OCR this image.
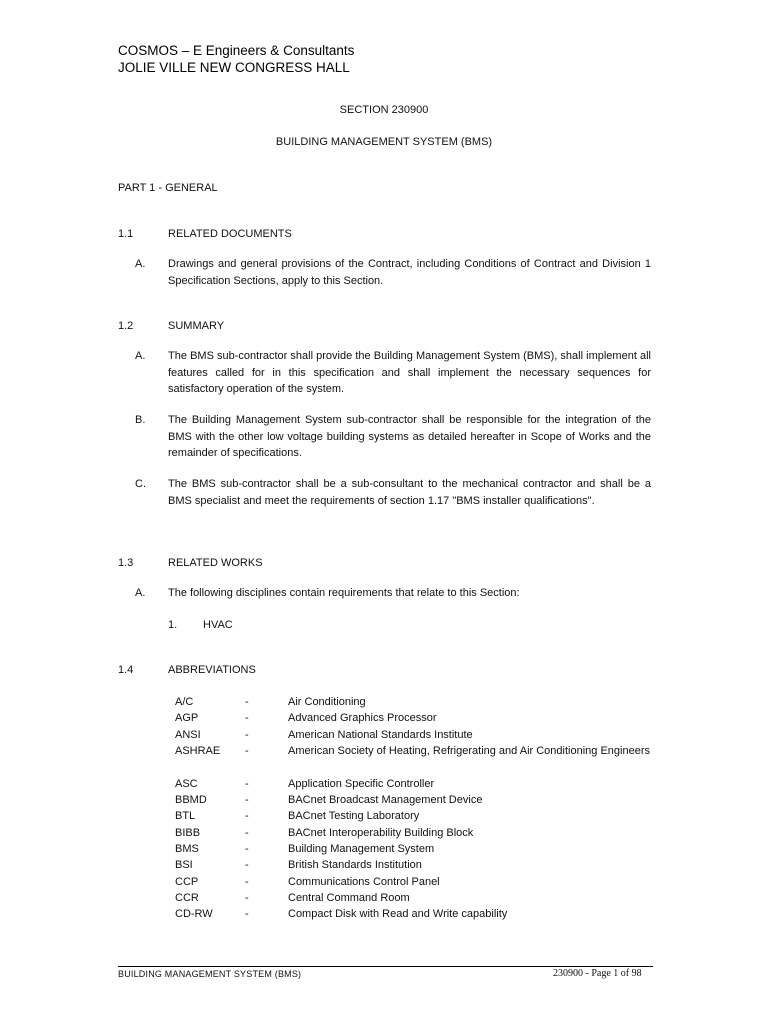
COSMOS – E Engineers & Consultants
JOLIE VILLE NEW CONGRESS HALL
SECTION 230900
BUILDING MANAGEMENT SYSTEM (BMS)
PART 1 - GENERAL
1.1	RELATED DOCUMENTS
A. Drawings and general provisions of the Contract, including Conditions of Contract and Division 1 Specification Sections, apply to this Section.
1.2	SUMMARY
A. The BMS sub-contractor shall provide the Building Management System (BMS), shall implement all features called for in this specification and shall implement the necessary sequences for satisfactory operation of the system.
B. The Building Management System sub-contractor shall be responsible for the integration of the BMS with the other low voltage building systems as detailed hereafter in Scope of Works and the remainder of specifications.
C. The BMS sub-contractor shall be a sub-consultant to the mechanical contractor and shall be a BMS specialist and meet the requirements of section 1.17 "BMS installer qualifications".
1.3	RELATED WORKS
A. The following disciplines contain requirements that relate to this Section:
1. HVAC
1.4	ABBREVIATIONS
A/C	-	Air Conditioning
AGP	-	Advanced Graphics Processor
ANSI	-	American National Standards Institute
ASHRAE -	American Society of Heating, Refrigerating and Air Conditioning Engineers
ASC	-	Application Specific Controller
BBMD	-	BACnet Broadcast Management Device
BTL	-	BACnet Testing Laboratory
BIBB	-	BACnet Interoperability Building Block
BMS	-	Building Management System
BSI	-	British Standards Institution
CCP	-	Communications Control Panel
CCR	-	Central Command Room
CD-RW	-	Compact Disk with Read and Write capability
BUILDING MANAGEMENT SYSTEM (BMS)	230900 - Page 1 of 98
